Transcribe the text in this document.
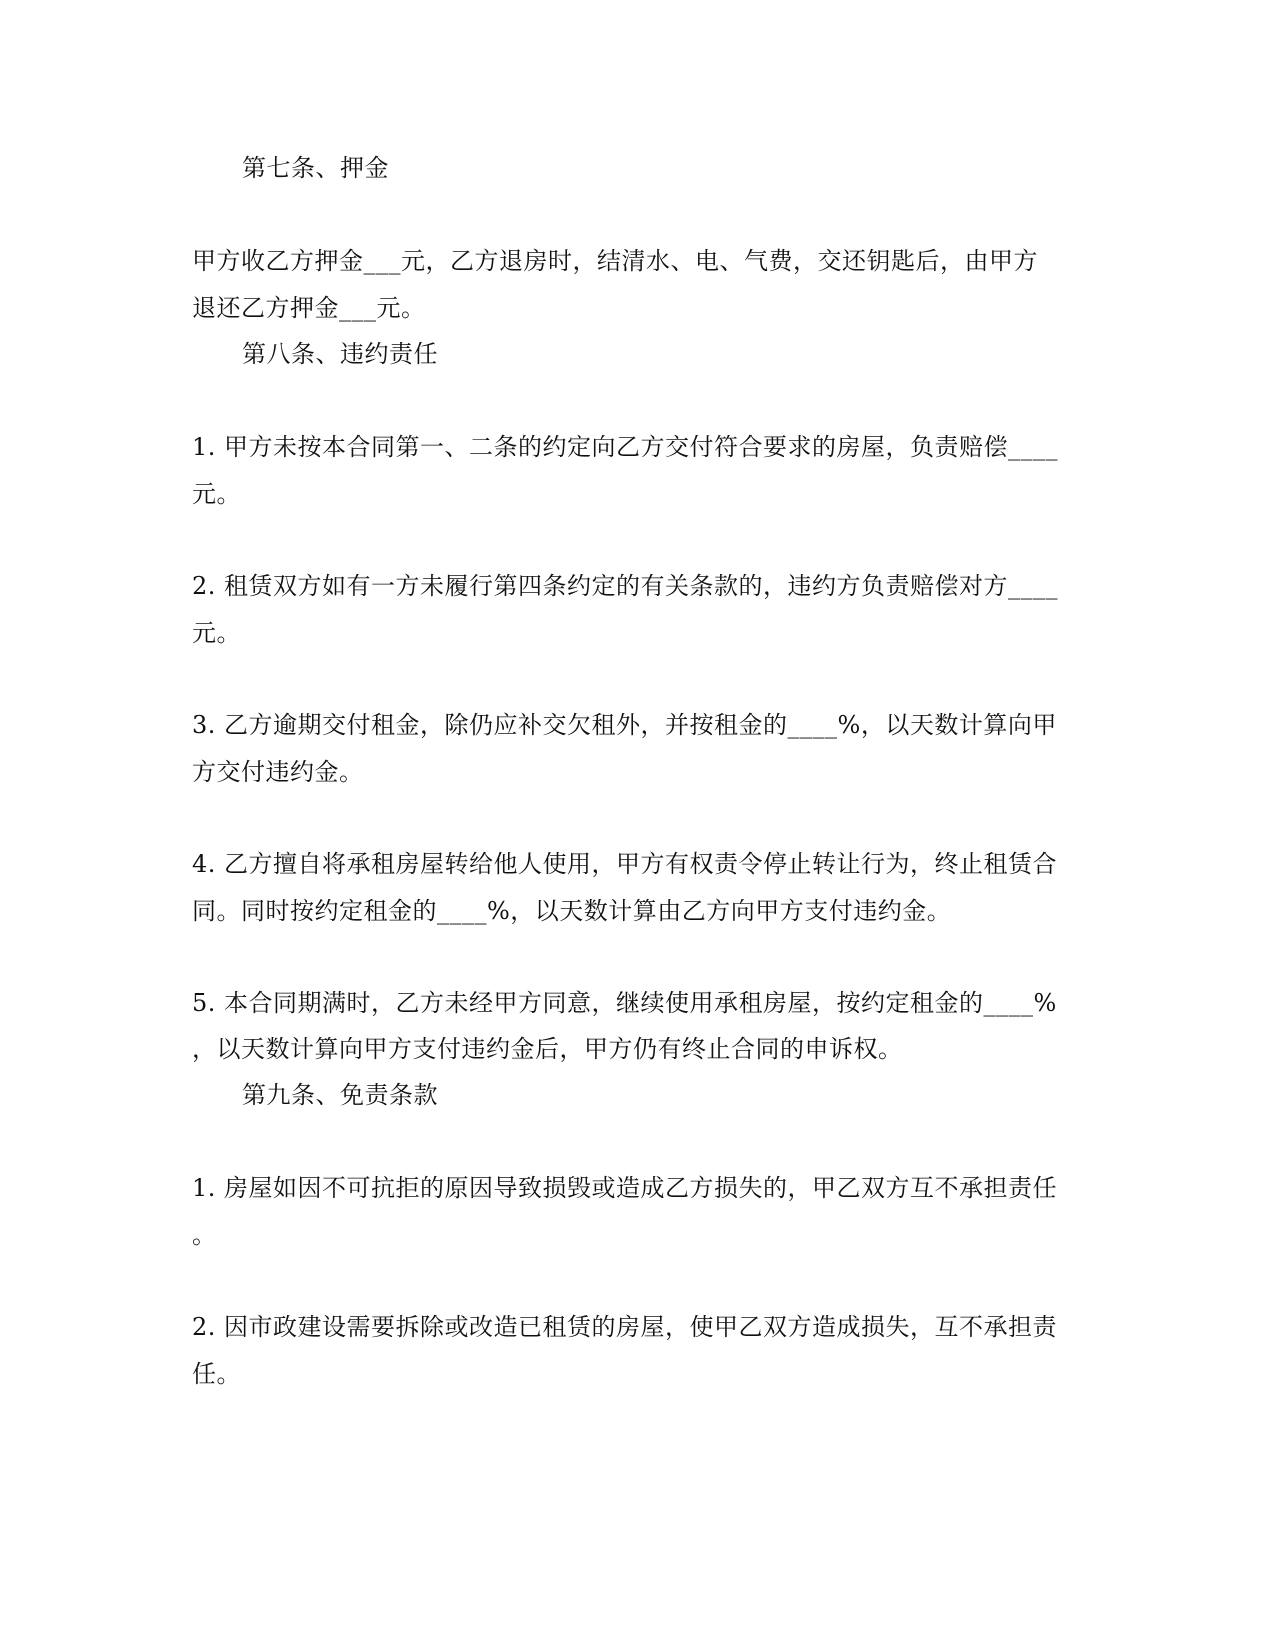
第七条、押金
甲方收乙方押金___元，乙方退房时，结清水、电、气费，交还钥匙后，由甲方
退还乙方押金___元。
第八条、违约责任
1. 甲方未按本合同第一、二条的约定向乙方交付符合要求的房屋，负责赔偿____
元。
2. 租赁双方如有一方未履行第四条约定的有关条款的，违约方负责赔偿对方____
元。
3. 乙方逾期交付租金，除仍应补交欠租外，并按租金的____%，以天数计算向甲
方交付违约金。
4. 乙方擅自将承租房屋转给他人使用，甲方有权责令停止转让行为，终止租赁合
同。同时按约定租金的____%，以天数计算由乙方向甲方支付违约金。
5. 本合同期满时，乙方未经甲方同意，继续使用承租房屋，按约定租金的____%
，以天数计算向甲方支付违约金后，甲方仍有终止合同的申诉权。
第九条、免责条款
1. 房屋如因不可抗拒的原因导致损毁或造成乙方损失的，甲乙双方互不承担责任
。
2. 因市政建设需要拆除或改造已租赁的房屋，使甲乙双方造成损失，互不承担责
任。
